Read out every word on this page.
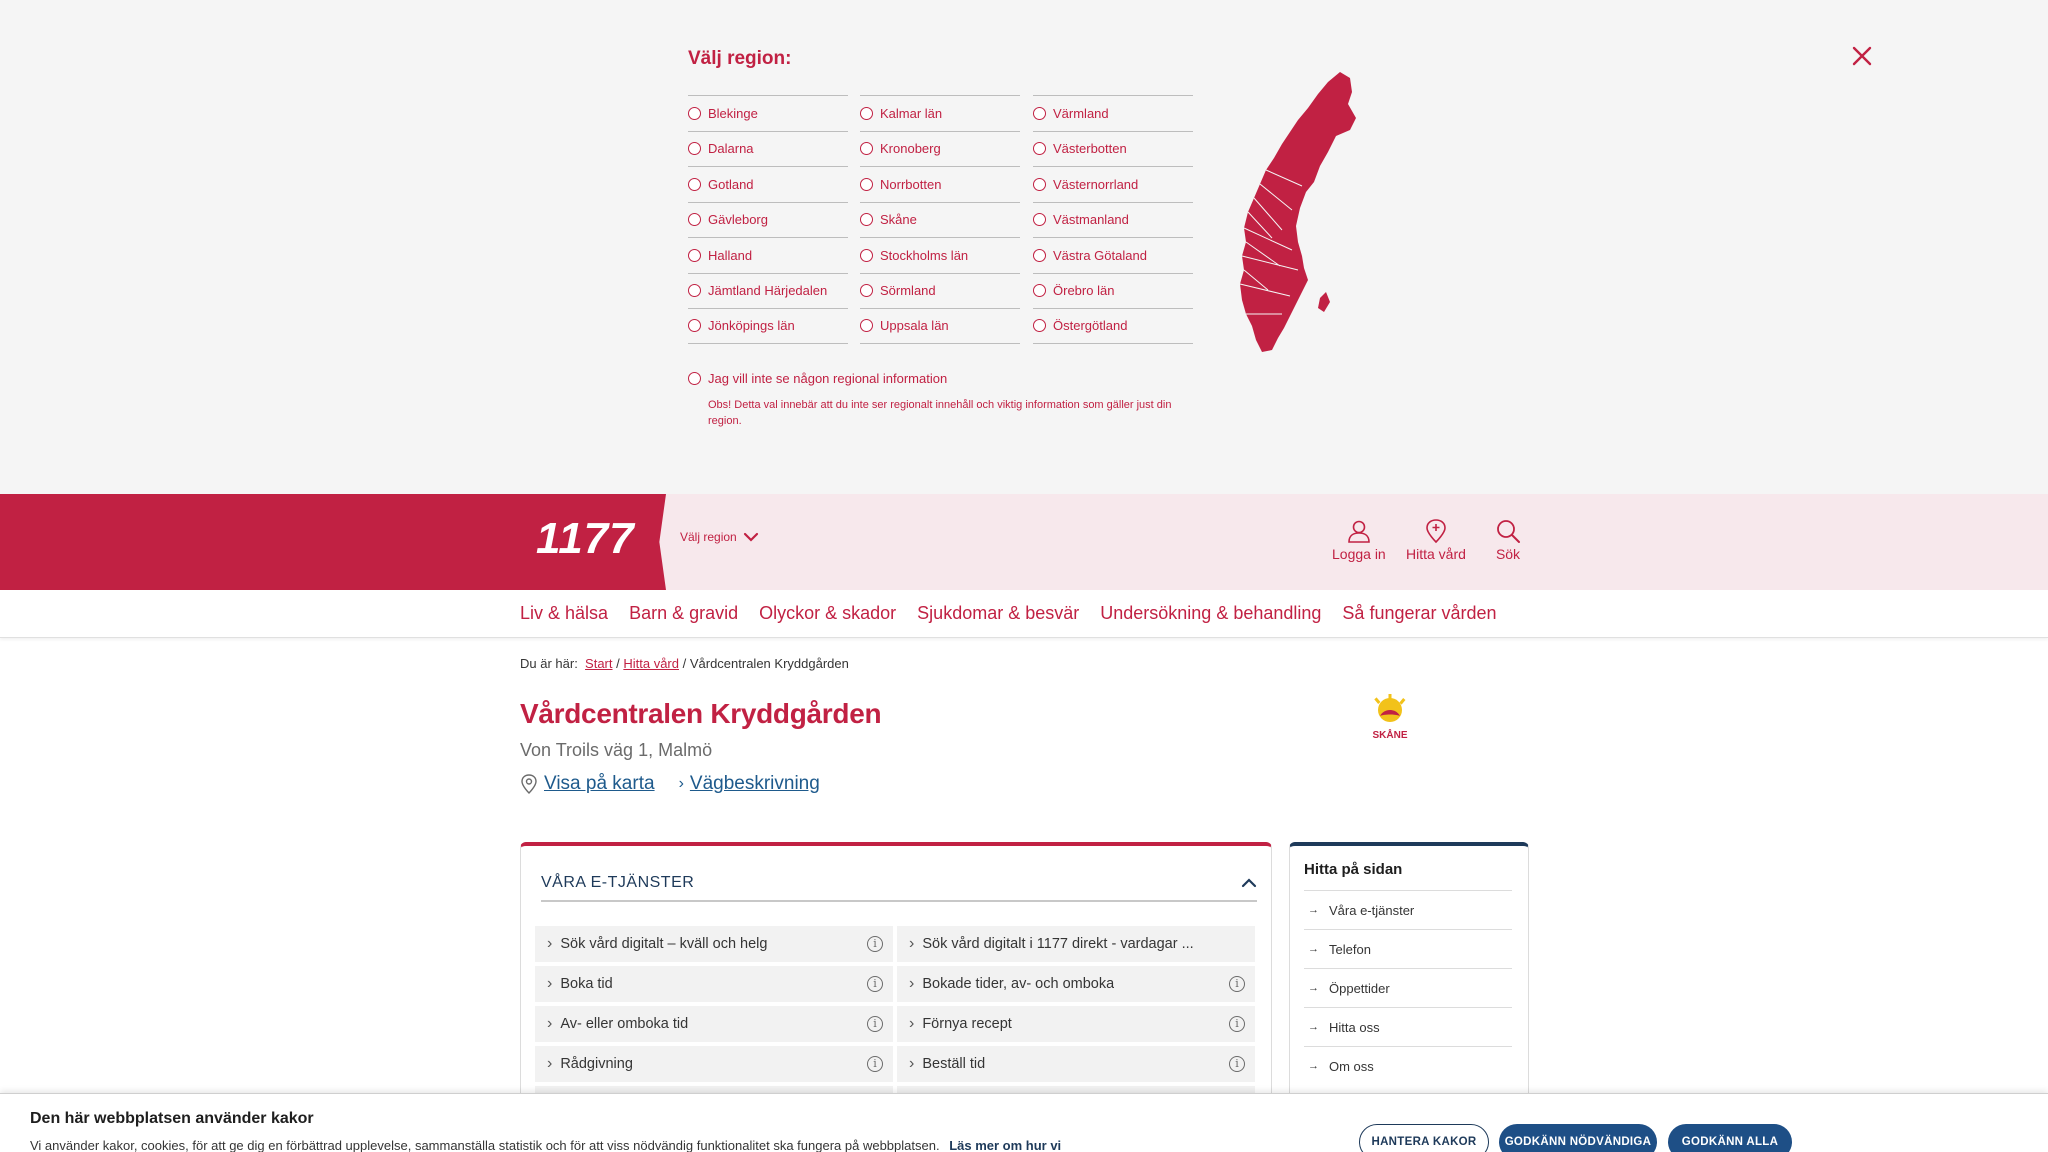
Välj region:
Blekinge
Dalarna
Gotland
Gävleborg
Halland
Jämtland Härjedalen
Jönköpings län
Kalmar län
Kronoberg
Norrbotten
Skåne
Stockholms län
Sörmland
Uppsala län
Värmland
Västerbotten
Västernorrland
Västmanland
Västra Götaland
Örebro län
Östergötland
Jag vill inte se någon regional information
Obs! Detta val innebär att du inte ser regionalt innehåll och viktig information som gäller just din region.
1177	Välj region
Logga in Hitta vård Sök
Liv & hälsa Barn & gravid Olyckor & skador Sjukdomar & besvär Undersökning & behandling Så fungerar vården
Du är här: Start / Hitta vård / Vårdcentralen Kryddgården
Vårdcentralen Kryddgården
Von Troils väg 1, Malmö
Visa på karta › Vägbeskrivning
SKÅNE
VÅRA E-TJÄNSTER
› Sök vård digitalt – kväll och helg	i	› Sök vård digitalt i 1177 direkt - vardagar ...
› Boka tid	i	› Bokade tider, av- och omboka	i
› Av- eller omboka tid	i	› Förnya recept	i
› Rådgivning	i	› Beställ tid	i
Hitta på sidan
→ Våra e-tjänster
→ Telefon
→ Öppettider
→ Hitta oss
→ Om oss
Den här webbplatsen använder kakor
Vi använder kakor, cookies, för att ge dig en förbättrad upplevelse, sammanställa statistik och för att viss nödvändig funktionalitet ska fungera på webbplatsen. Läs mer om hur vi	HANTERA KAKOR	GODKÄNN NÖDVÄNDIGA	GODKÄNN ALLA
